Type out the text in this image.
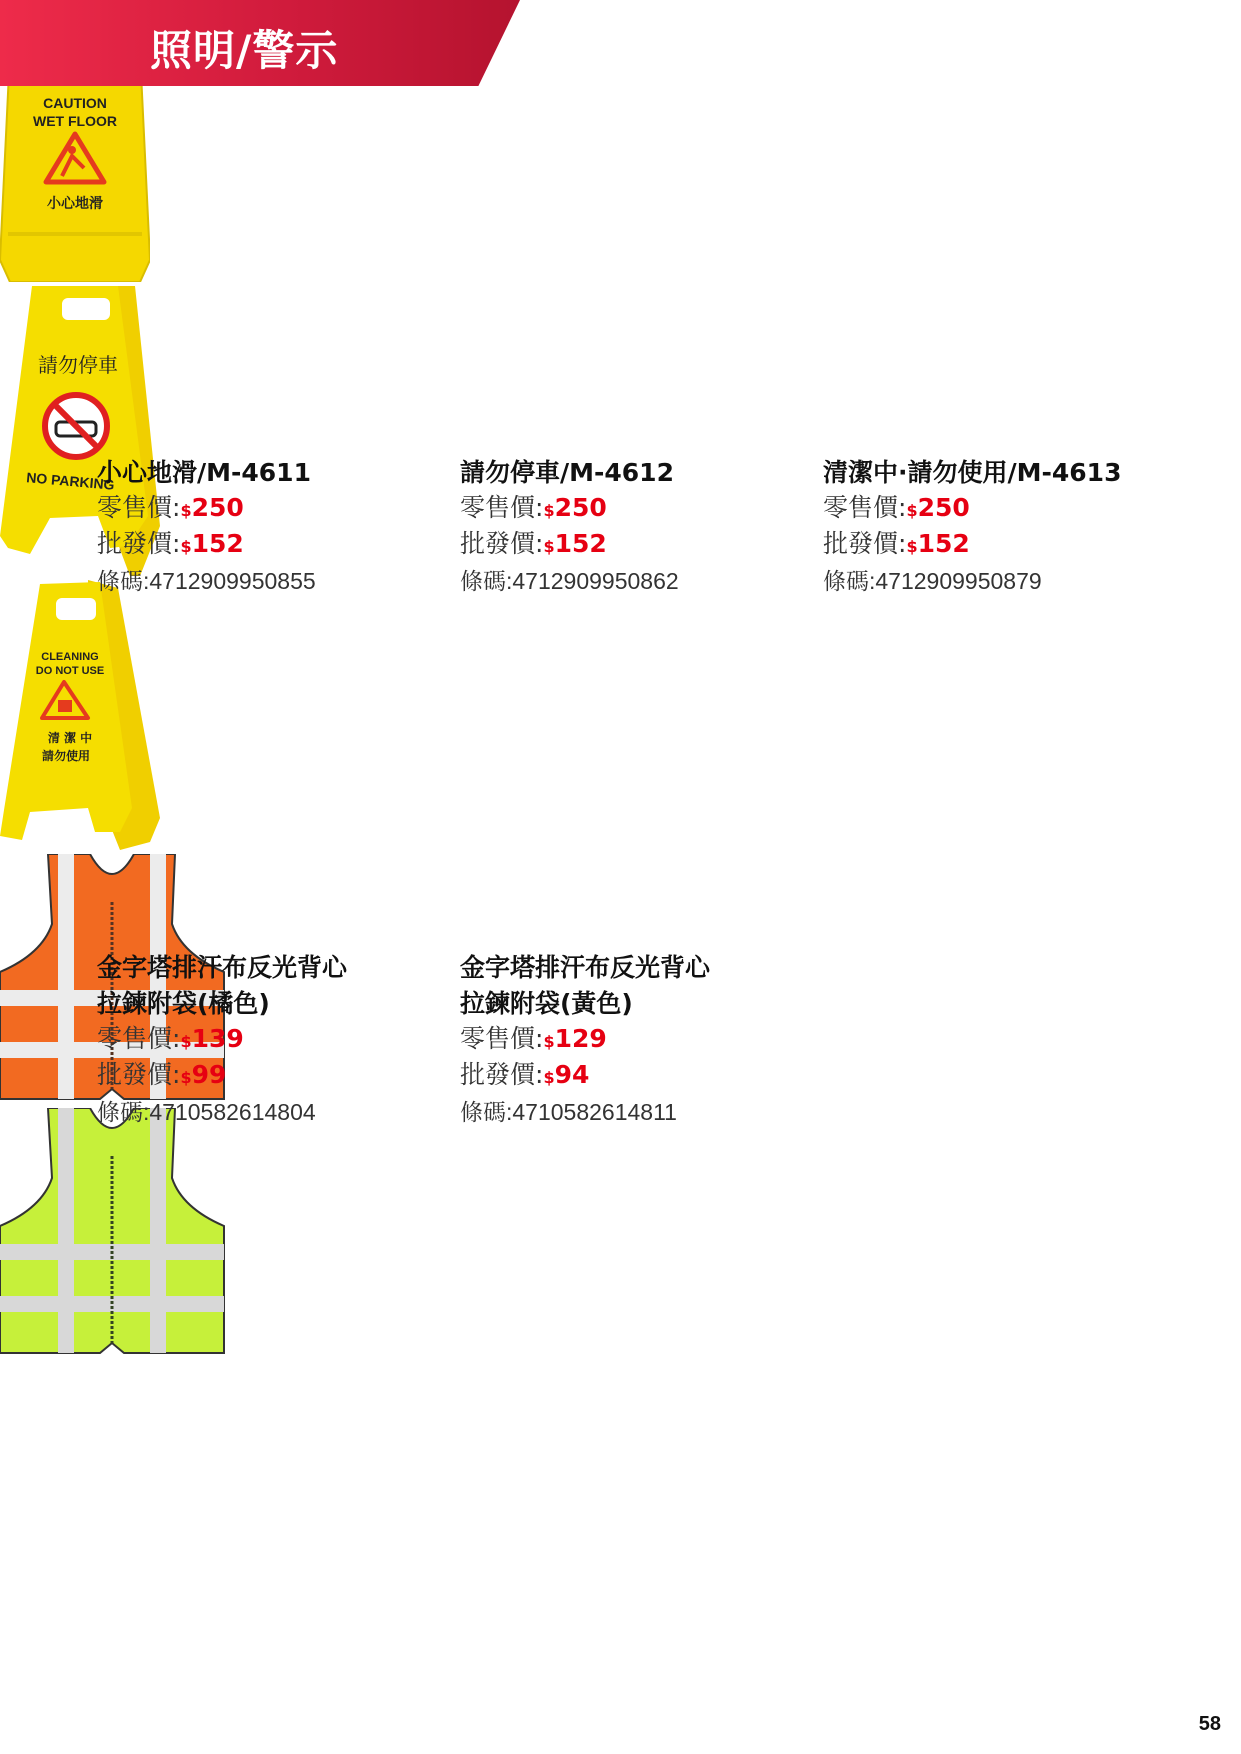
照明/警示
CAUTION
WET FLOOR
小心地滑
小心地滑/M-4611
零售價:$250
批發價:$152
條碼:4712909950855
請勿停車
NO PARKING	請勿停車/M-4612
零售價:$250
批發價:$152
條碼:4712909950862
CLEANING
DO NOT USE
清 潔 中
請勿使用
清潔中·請勿使用/M-4613
零售價:$250
批發價:$152
條碼:4712909950879
金字塔排汗布反光背心
拉鍊附袋(橘色)
零售價:$139
批發價:$99
條碼:4710582614804
金字塔排汗布反光背心
拉鍊附袋(黃色)
零售價:$129
批發價:$94
條碼:4710582614811
58
